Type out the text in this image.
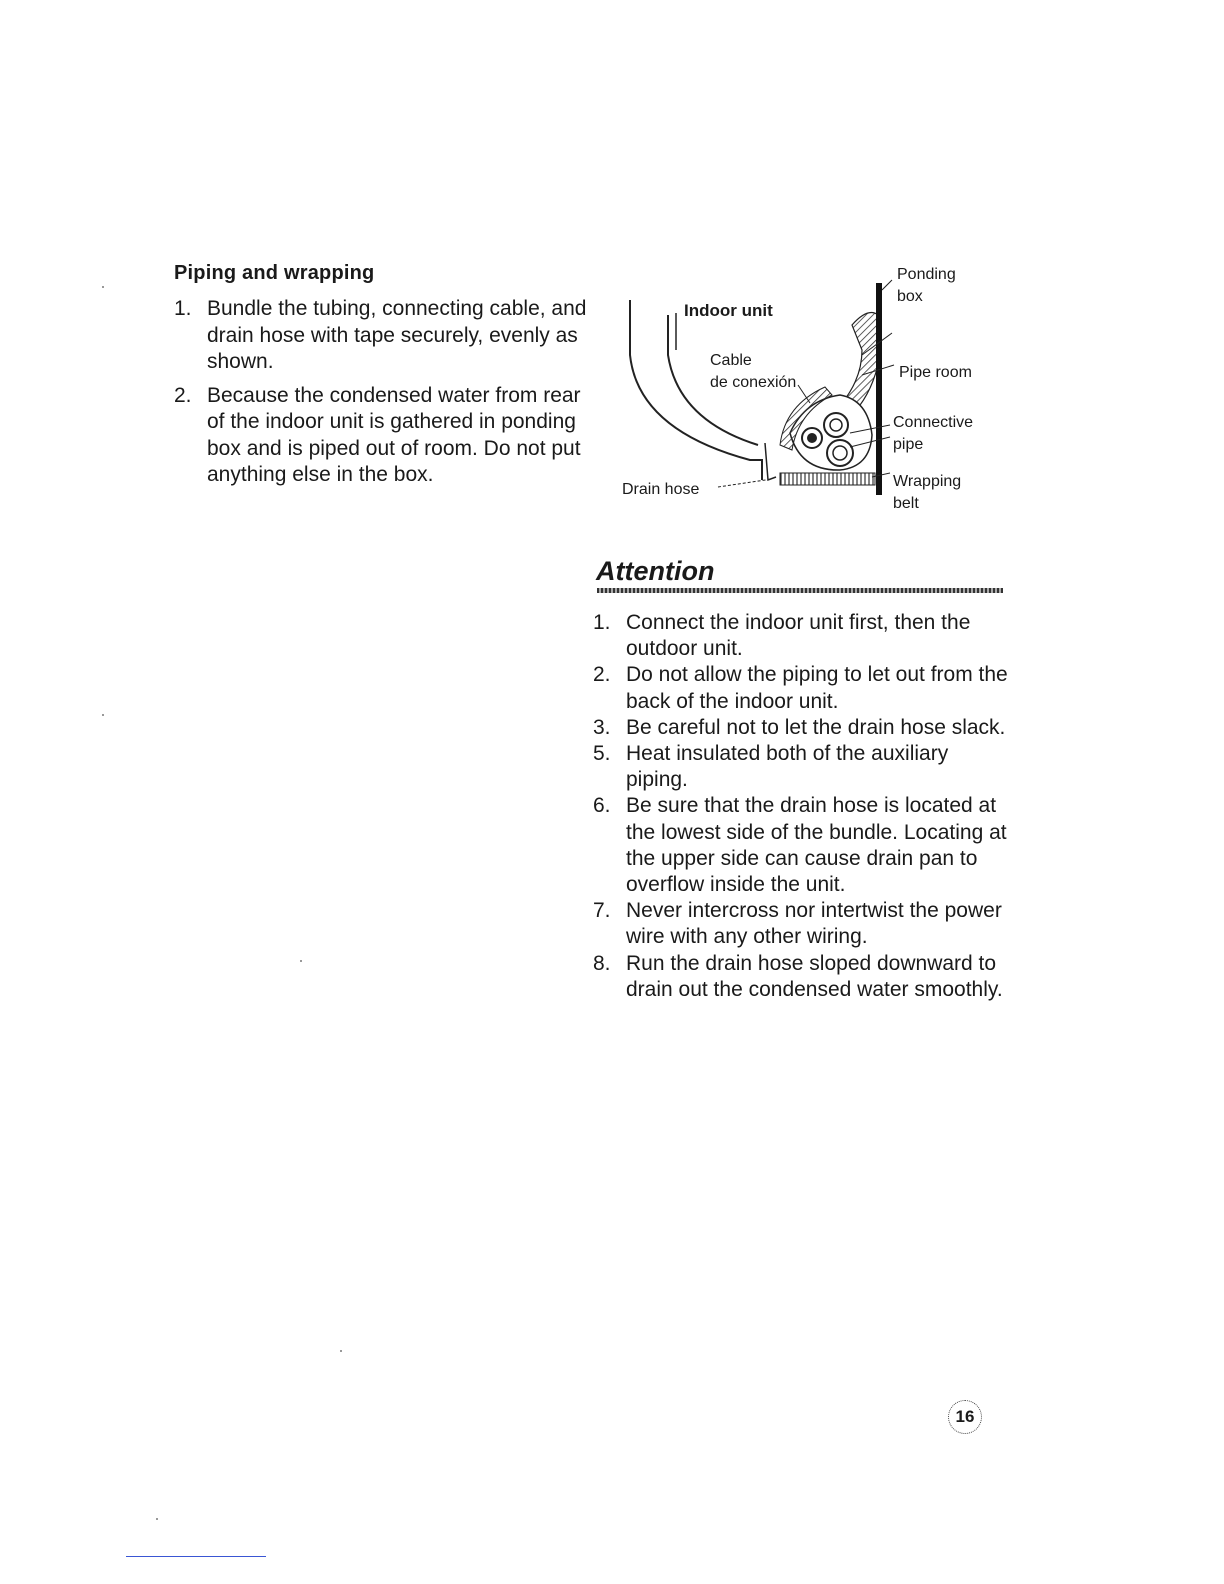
Piping and wrapping
1. Bundle the tubing, connecting cable, and drain hose with tape securely, evenly as shown.
2. Because the condensed water from rear of the indoor unit is gathered in ponding box and is piped out of room. Do not put anything else in the box.
Indoor unit
Cable
de conexión
Drain hose
Ponding
box
Pipe room
Connective
pipe
Wrapping
belt
Attention
1. Connect the indoor unit first, then the outdoor unit.
2. Do not allow the piping to let out from the back of the indoor unit.
3. Be careful not to let the drain hose slack.
5. Heat insulated both of the auxiliary piping.
6. Be sure that the drain hose is located at the lowest side of the bundle. Locating at the upper side can cause drain pan to overflow inside the unit.
7. Never intercross nor intertwist the power wire with any other wiring.
8. Run the drain hose sloped downward to drain out the condensed water smoothly.
16
